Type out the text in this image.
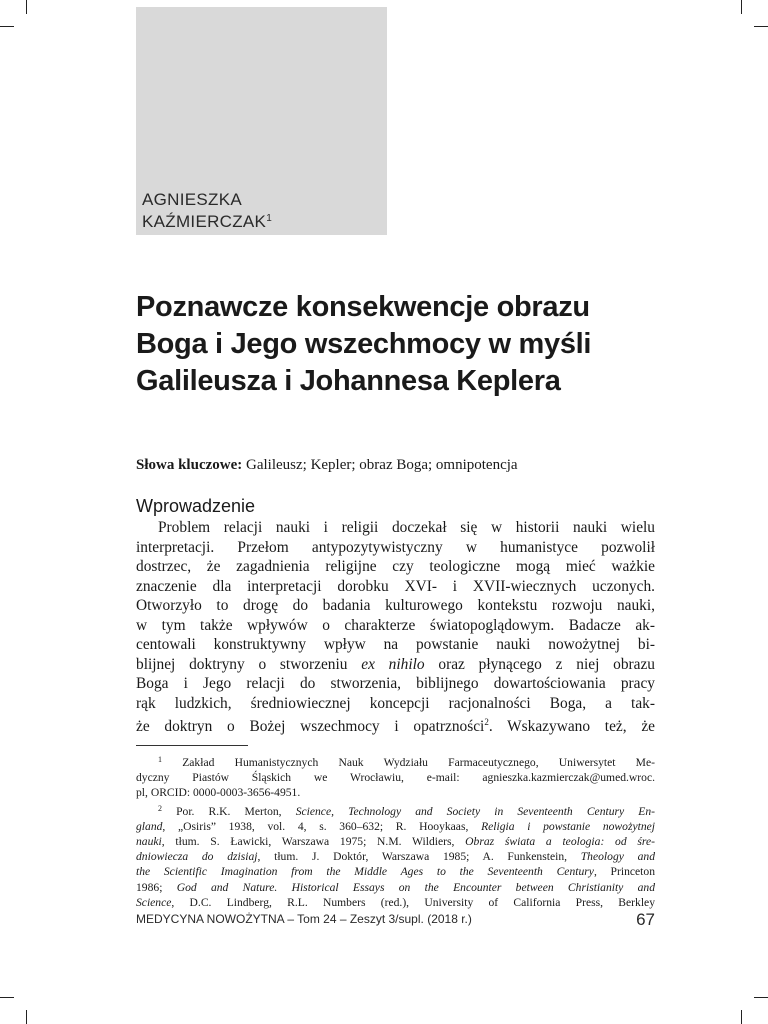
AGNIESZKA
KAŹMIERCZAK$^1$
Poznawcze konsekwencje obrazu
Boga i Jego wszechmocy w myśli
Galileusza i Johannesa Keplera
Słowa kluczowe: Galileusz; Kepler; obraz Boga; omnipotencja
Wprowadzenie
Problem relacji nauki i religii doczekał się w historii nauki wielu
interpretacji. Przełom antypozytywistyczny w humanistyce pozwolił
dostrzec, że zagadnienia religijne czy teologiczne mogą mieć ważkie
znaczenie dla interpretacji dorobku XVI- i XVII-wiecznych uczonych.
Otworzyło to drogę do badania kulturowego kontekstu rozwoju nauki,
w tym także wpływów o charakterze światopoglądowym. Badacze ak-
centowali konstruktywny wpływ na powstanie nauki nowożytnej bi-
blijnej doktryny o stworzeniu ex nihilo oraz płynącego z niej obrazu
Boga i Jego relacji do stworzenia, biblijnego dowartościowania pracy
rąk ludzkich, średniowiecznej koncepcji racjonalności Boga, a tak-
że doktryn o Bożej wszechmocy i opatrzności$^2$. Wskazywano też, że
$^1$ Zakład Humanistycznych Nauk Wydziału Farmaceutycznego, Uniwersytet Me-
dyczny Piastów Śląskich we Wrocławiu, e-mail: agnieszka.kazmierczak@umed.wroc.
pl, ORCID: 0000-0003-3656-4951.
$^2$ Por. R.K. Merton, Science, Technology and Society in Seventeenth Century En-
gland, „Osiris” 1938, vol. 4, s. 360–632; R. Hooykaas, Religia i powstanie nowożytnej
nauki, tłum. S. Ławicki, Warszawa 1975; N.M. Wildiers, Obraz świata a teologia: od śre-
dniowiecza do dzisiaj, tłum. J. Doktór, Warszawa 1985; A. Funkenstein, Theology and
the Scientific Imagination from the Middle Ages to the Seventeenth Century, Princeton
1986; God and Nature. Historical Essays on the Encounter between Christianity and
Science, D.C. Lindberg, R.L. Numbers (red.), University of California Press, Berkley
MEDYCYNA NOWOŻYTNA – Tom 24 – Zeszyt 3/supl. (2018 r.)	67
